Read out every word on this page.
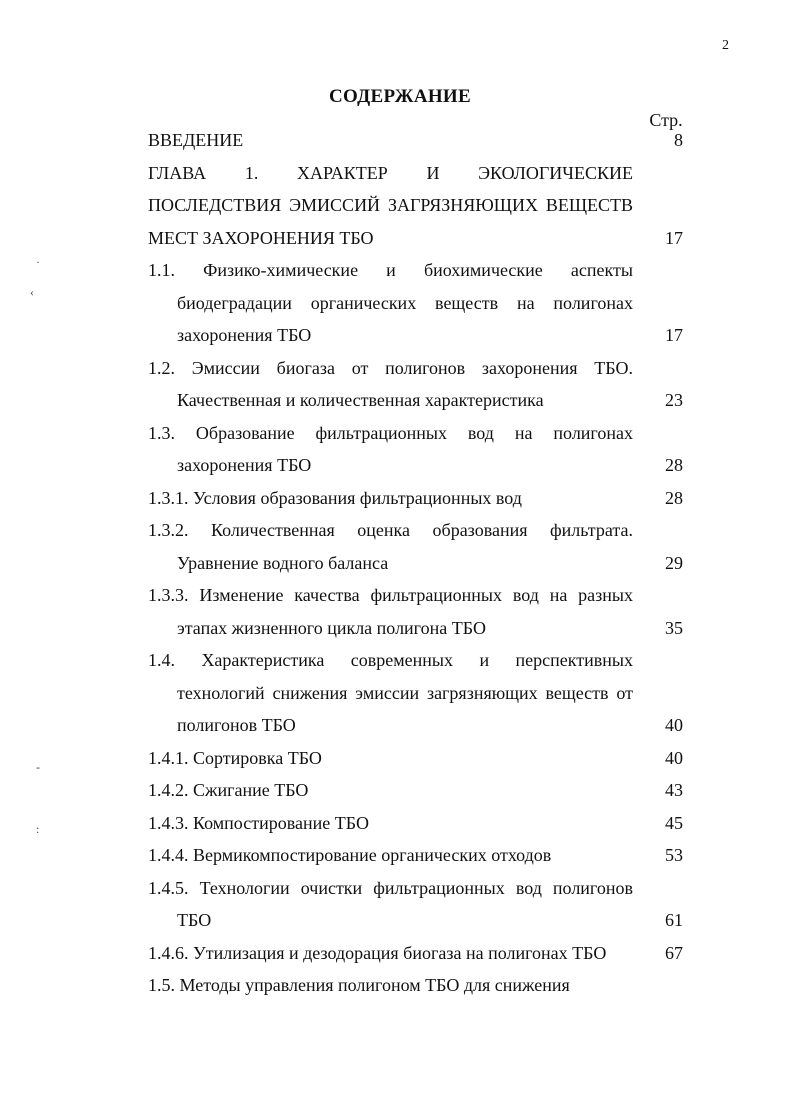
2
СОДЕРЖАНИЕ
Стр.
·
‹
-
:
ВВЕДЕНИЕ	8
ГЛАВА 1. ХАРАКТЕР И ЭКОЛОГИЧЕСКИЕ ПОСЛЕДСТВИЯ ЭМИССИЙ ЗАГРЯЗНЯЮЩИХ ВЕЩЕСТВ МЕСТ ЗАХОРОНЕНИЯ ТБО	17
1.1. Физико-химические и биохимические аспекты биодеградации органических веществ на полигонах захоронения ТБО	17
1.2. Эмиссии биогаза от полигонов захоронения ТБО. Качественная и количественная характеристика	23
1.3. Образование фильтрационных вод на полигонах захоронения ТБО	28
1.3.1. Условия образования фильтрационных вод	28
1.3.2. Количественная оценка образования фильтрата. Уравнение водного баланса	29
1.3.3. Изменение качества фильтрационных вод на разных этапах жизненного цикла полигона ТБО	35
1.4. Характеристика современных и перспективных технологий снижения эмиссии загрязняющих веществ от полигонов ТБО	40
1.4.1. Сортировка ТБО	40
1.4.2. Сжигание ТБО	43
1.4.3. Компостирование ТБО	45
1.4.4. Вермикомпостирование органических отходов	53
1.4.5. Технологии очистки фильтрационных вод полигонов ТБО	61
1.4.6. Утилизация и дезодорация биогаза на полигонах ТБО	67
1.5. Методы управления полигоном ТБО для снижения
